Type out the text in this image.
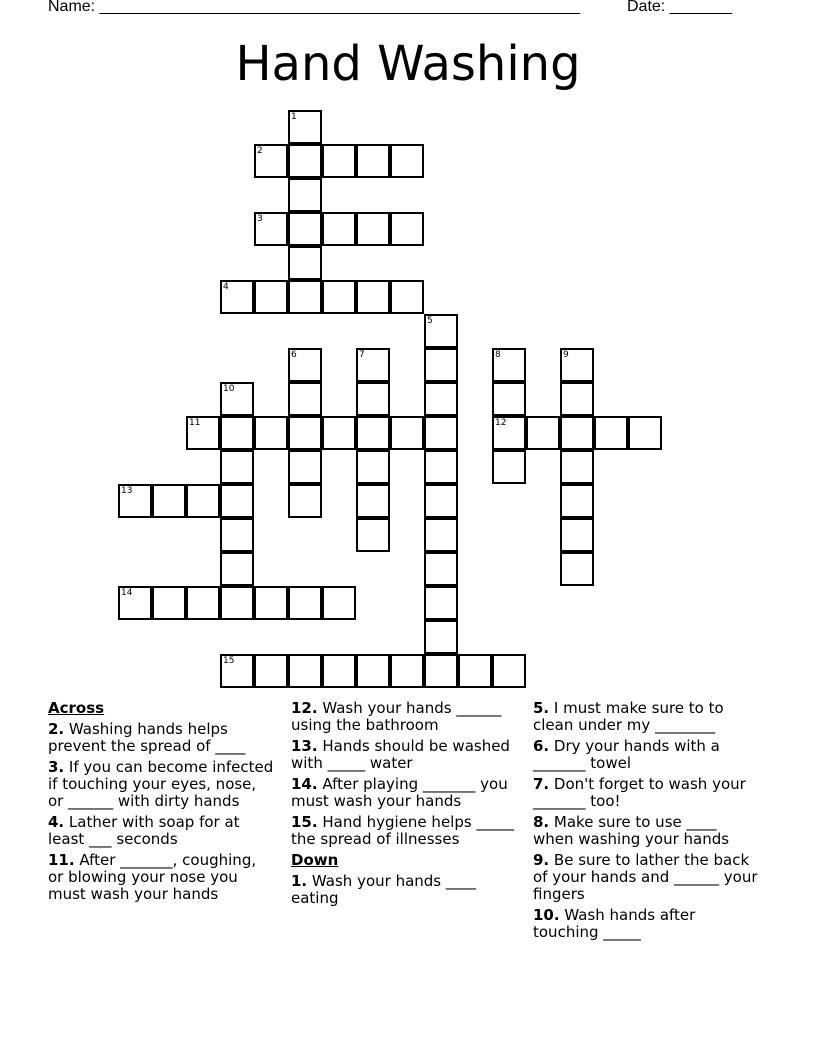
Name: ______________________________________________________	Date: _______
Hand Washing
1
2
3
4
5
6	7	8	9
10
11	12
13
14
15
Across
2. Washing hands helps prevent the spread of ____
3. If you can become infected if touching your eyes, nose, or ______ with dirty hands
4. Lather with soap for at least ___ seconds
11. After _______, coughing, or blowing your nose you must wash your hands
12. Wash your hands ______ using the bathroom
13. Hands should be washed with _____ water
14. After playing _______ you must wash your hands
15. Hand hygiene helps _____ the spread of illnesses
Down
1. Wash your hands ____ eating
5. I must make sure to to clean under my ________
6. Dry your hands with a _______ towel
7. Don't forget to wash your _______ too!
8. Make sure to use ____ when washing your hands
9. Be sure to lather the back of your hands and ______ your fingers
10. Wash hands after touching _____
